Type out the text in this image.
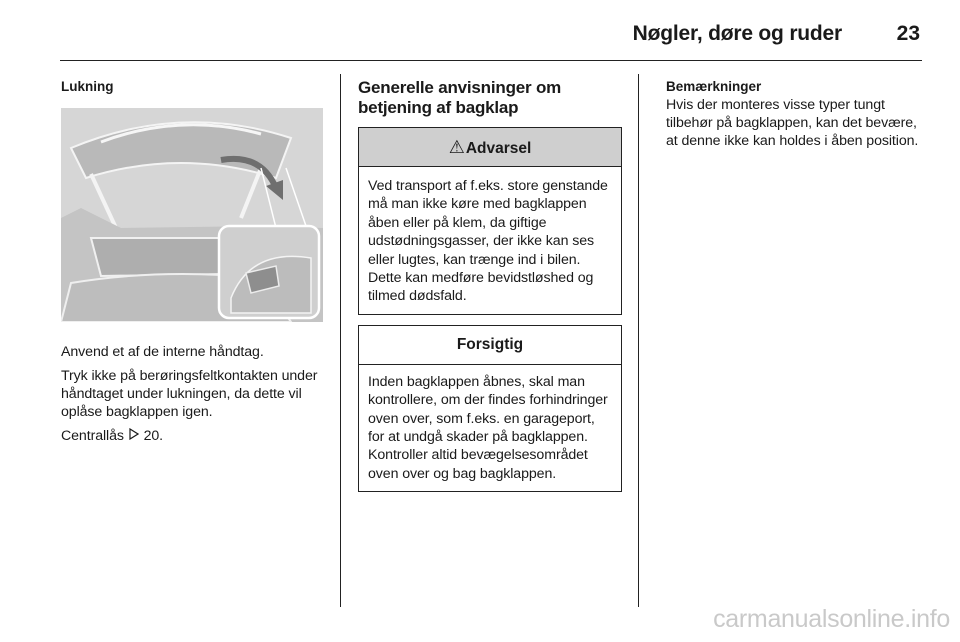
Nøgler, døre og ruder	23
Lukning

Anvend et af de interne håndtag.

Tryk ikke på berøringsfeltkontakten under håndtaget under lukningen, da dette vil oplåse bagklappen igen.

Centrallås  20.

Generelle anvisninger om betjening af bagklap
⚠Advarsel
Ved transport af f.eks. store genstande må man ikke køre med bagklappen åben eller på klem, da giftige udstødningsgasser, der ikke kan ses eller lugtes, kan trænge ind i bilen. Dette kan medføre bevidstløshed og tilmed dødsfald.
Forsigtig
Inden bagklappen åbnes, skal man kontrollere, om der findes forhindringer oven over, som f.eks. en garageport, for at undgå skader på bagklappen. Kontroller altid bevægelsesområdet oven over og bag bagklappen.
Bemærkninger
Hvis der monteres visse typer tungt tilbehør på bagklappen, kan det bevære, at denne ikke kan holdes i åben position.
carmanualsonline.info
